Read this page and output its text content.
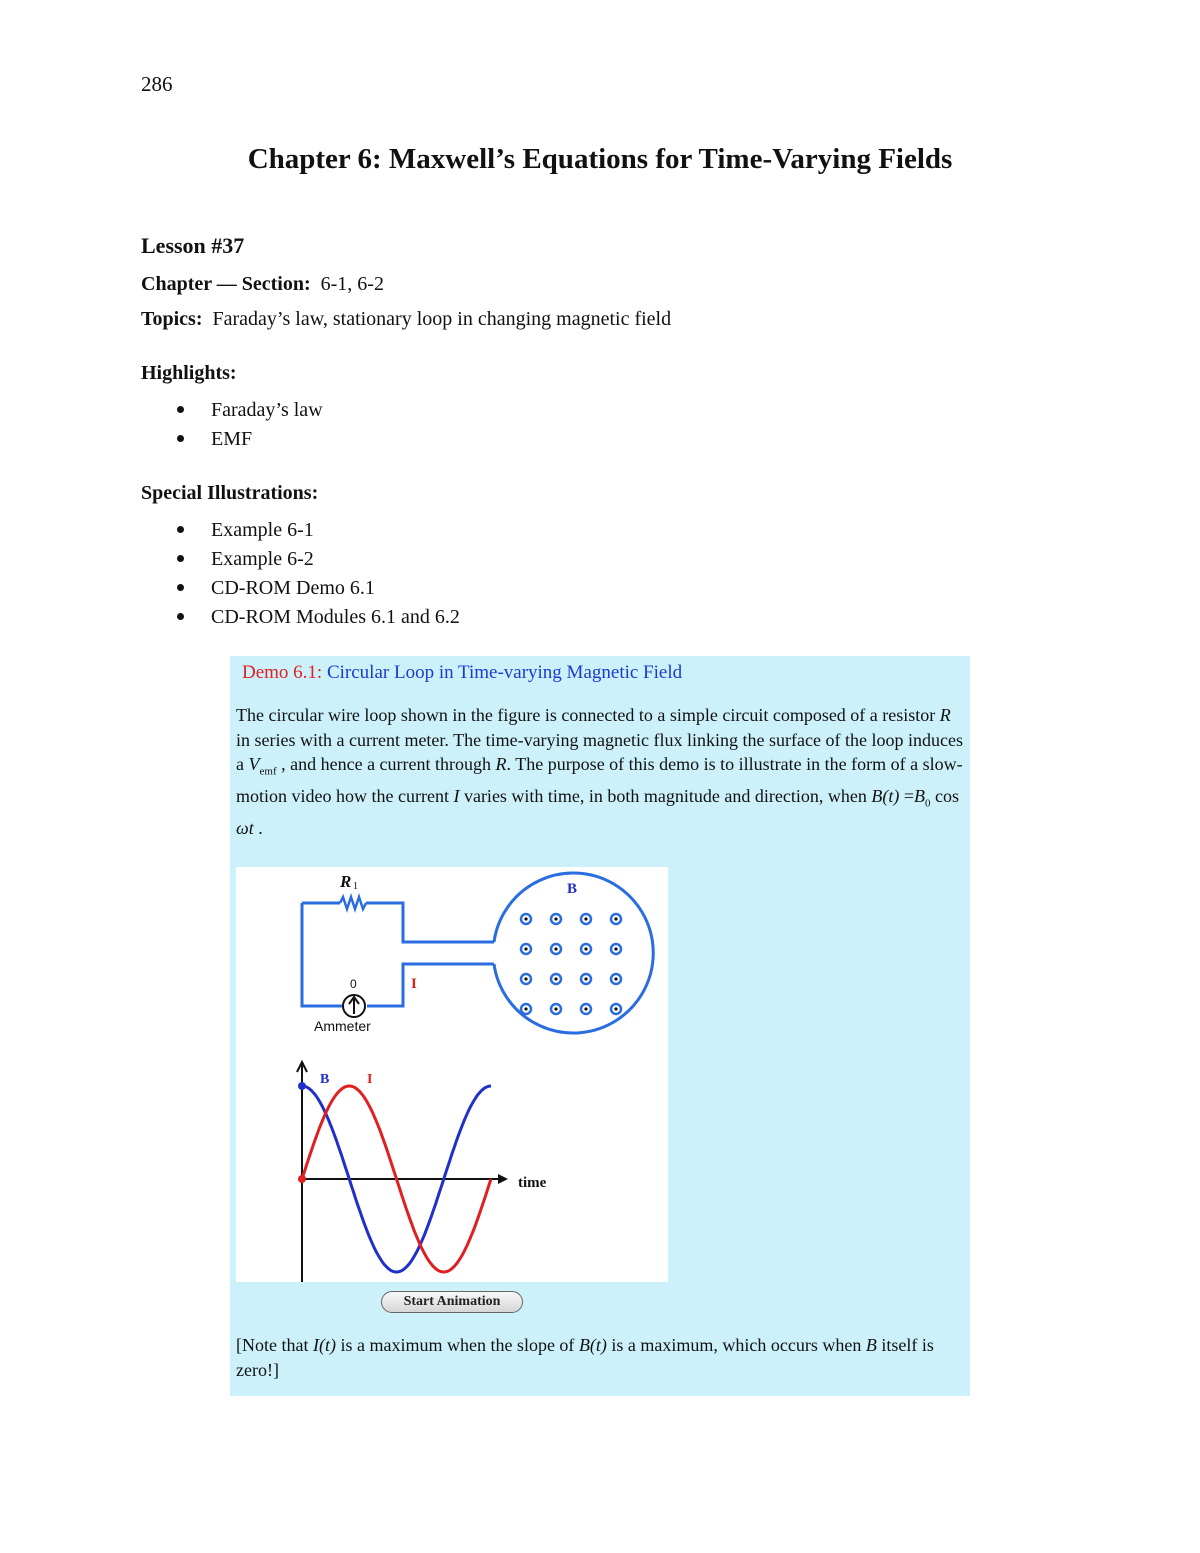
286
Chapter 6: Maxwell’s Equations for Time-Varying Fields
Lesson #37
Chapter — Section: 6-1, 6-2
Topics: Faraday’s law, stationary loop in changing magnetic field
Highlights:
Faraday’s law
EMF
Special Illustrations:
Example 6-1
Example 6-2
CD-ROM Demo 6.1
CD-ROM Modules 6.1 and 6.2
Demo 6.1: Circular Loop in Time-varying Magnetic Field
The circular wire loop shown in the figure is connected to a simple circuit composed of a resistor R in series with a current meter. The time-varying magnetic flux linking the surface of the loop induces a $V_{emf}$ , and hence a current through R. The purpose of this demo is to illustrate in the form of a slow-motion video how the current I varies with time, in both magnitude and direction, when $B(t) =B_0$ cos ωt .
R 1
0
Ammeter
I
B
B	I
time
Start Animation
[Note that I(t) is a maximum when the slope of B(t) is a maximum, which occurs when B itself is zero!]
